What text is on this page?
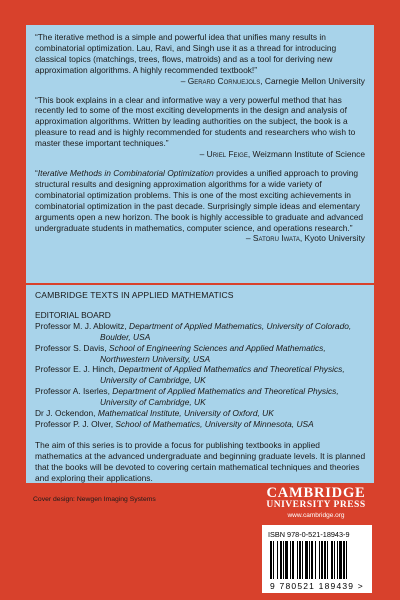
“The iterative method is a simple and powerful idea that unifies many results in combinatorial optimization. Lau, Ravi, and Singh use it as a thread for introducing classical topics (matchings, trees, flows, matroids) and as a tool for deriving new approximation algorithms. A highly recommended textbook!”
– Gerard Cornuejols, Carnegie Mellon University

“This book explains in a clear and informative way a very powerful method that has recently led to some of the most exciting developments in the design and analysis of approximation algorithms. Written by leading authorities on the subject, the book is a pleasure to read and is highly recommended for students and researchers who wish to master these important techniques.”
– Uriel Feige, Weizmann Institute of Science

“Iterative Methods in Combinatorial Optimization provides a unified approach to proving structural results and designing approximation algorithms for a wide variety of combinatorial optimization problems. This is one of the most exciting achievements in combinatorial optimization in the past decade. Surprisingly simple ideas and elementary arguments open a new horizon. The book is highly accessible to graduate and advanced undergraduate students in mathematics, computer science, and operations research.”
– Satoru Iwata, Kyoto University

CAMBRIDGE TEXTS IN APPLIED MATHEMATICS
EDITORIAL BOARD
Professor M. J. Ablowitz, Department of Applied Mathematics, University of Colorado, Boulder, USA
Professor S. Davis, School of Engineering Sciences and Applied Mathematics, Northwestern University, USA
Professor E. J. Hinch, Department of Applied Mathematics and Theoretical Physics, University of Cambridge, UK
Professor A. Iserles, Department of Applied Mathematics and Theoretical Physics, University of Cambridge, UK
Dr J. Ockendon, Mathematical Institute, University of Oxford, UK
Professor P. J. Olver, School of Mathematics, University of Minnesota, USA
The aim of this series is to provide a focus for publishing textbooks in applied mathematics at the advanced undergraduate and beginning graduate levels. It is planned that the books will be devoted to covering certain mathematical techniques and theories and exploring their applications.
Cover design: Newgen Imaging Systems	CAMBRIDGE
UNIVERSITY PRESS
www.cambridge.org
ISBN 978-0-521-18943-9
9 780521 189439 >
